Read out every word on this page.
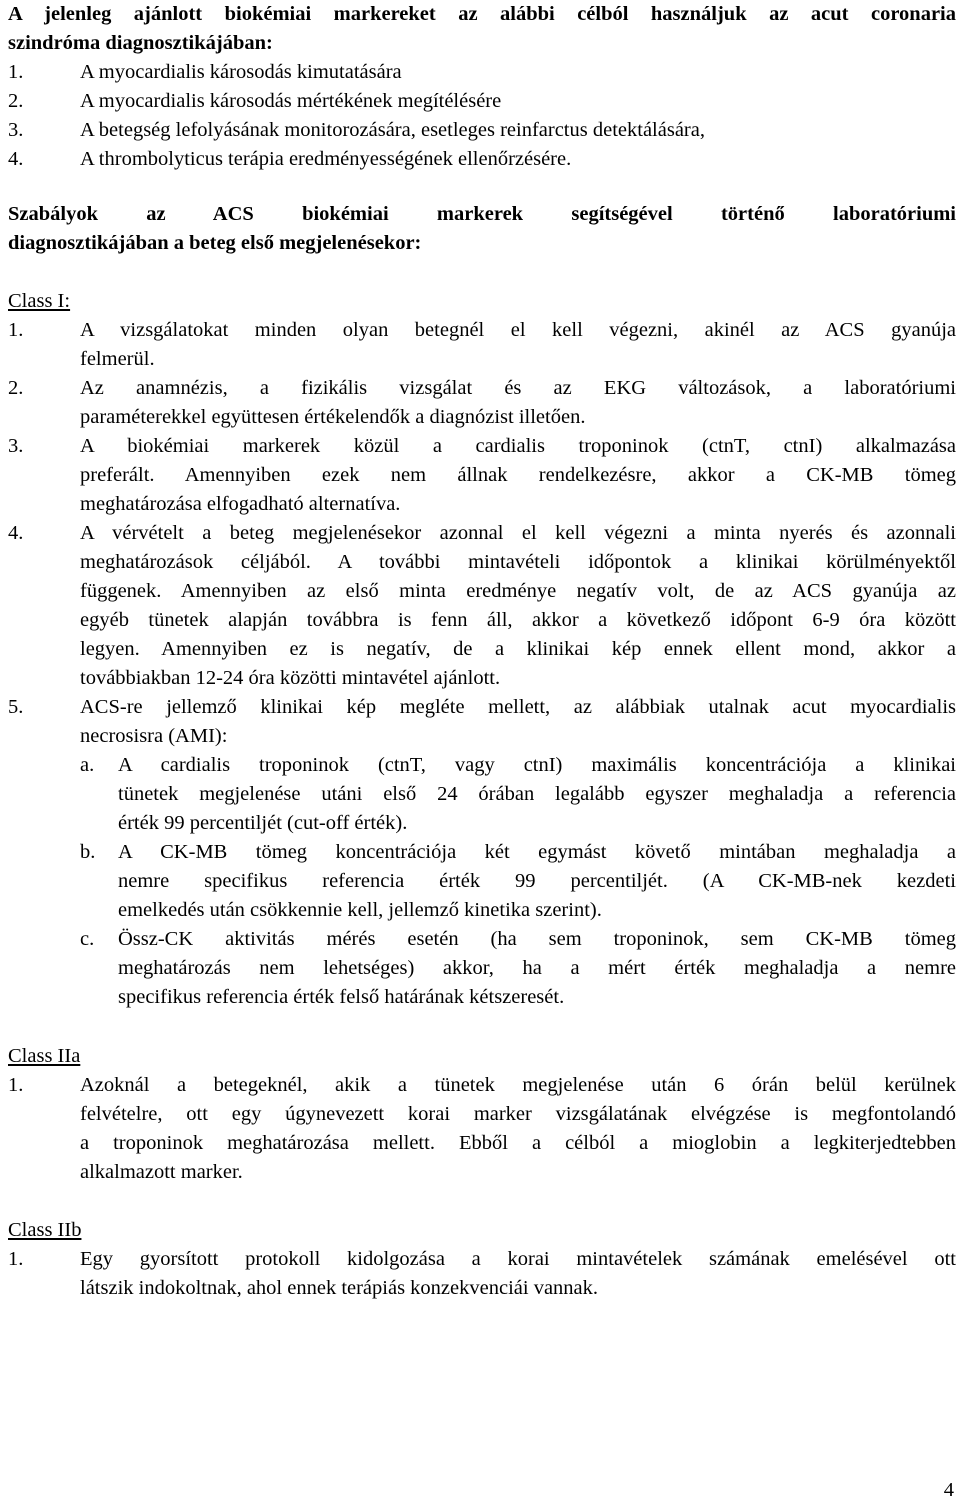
A jelenleg ajánlott biokémiai markereket az alábbi célból használjuk az acut coronaria
szindróma diagnosztikájában:
1.	A myocardialis károsodás kimutatására
2.	A myocardialis károsodás mértékének megítélésére
3.	A betegség lefolyásának monitorozására, esetleges reinfarctus detektálására,
4.	A thrombolyticus terápia eredményességének ellenőrzésére.
Szabályok az ACS biokémiai markerek segítségével történő laboratóriumi
diagnosztikájában a beteg első megjelenésekor:
Class I:
1.	A vizsgálatokat minden olyan betegnél el kell végezni, akinél az ACS gyanúja
felmerül.
2.	Az anamnézis, a fizikális vizsgálat és az EKG változások, a laboratóriumi
paraméterekkel együttesen értékelendők a diagnózist illetően.
3.	A biokémiai markerek közül a cardialis troponinok (ctnT, ctnI) alkalmazása
preferált. Amennyiben ezek nem állnak rendelkezésre, akkor a CK-MB tömeg
meghatározása elfogadható alternatíva.
4.	A vérvételt a beteg megjelenésekor azonnal el kell végezni a minta nyerés és azonnali
meghatározások céljából. A további mintavételi időpontok a klinikai körülményektől
függenek. Amennyiben az első minta eredménye negatív volt, de az ACS gyanúja az
egyéb tünetek alapján továbbra is fenn áll, akkor a következő időpont 6-9 óra között
legyen. Amennyiben ez is negatív, de a klinikai kép ennek ellent mond, akkor a
továbbiakban 12-24 óra közötti mintavétel ajánlott.
5.	ACS-re jellemző klinikai kép megléte mellett, az alábbiak utalnak acut myocardialis
necrosisra (AMI):
a.	A cardialis troponinok (ctnT, vagy ctnI) maximális koncentrációja a klinikai
tünetek megjelenése utáni első 24 órában legalább egyszer meghaladja a referencia
érték 99 percentiljét (cut-off érték).
b.	A CK-MB tömeg koncentrációja két egymást követő mintában meghaladja a
nemre specifikus referencia érték 99 percentiljét. (A CK-MB-nek kezdeti
emelkedés után csökkennie kell, jellemző kinetika szerint).
c.	Össz-CK aktivitás mérés esetén (ha sem troponinok, sem CK-MB tömeg
meghatározás nem lehetséges) akkor, ha a mért érték meghaladja a nemre
specifikus referencia érték felső határának kétszeresét.
Class IIa
1.	Azoknál a betegeknél, akik a tünetek megjelenése után 6 órán belül kerülnek
felvételre, ott egy úgynevezett korai marker vizsgálatának elvégzése is megfontolandó
a troponinok meghatározása mellett. Ebből a célból a mioglobin a legkiterjedtebben
alkalmazott marker.
Class IIb
1.	Egy gyorsított protokoll kidolgozása a korai mintavételek számának emelésével ott
látszik indokoltnak, ahol ennek terápiás konzekvenciái vannak.
4
